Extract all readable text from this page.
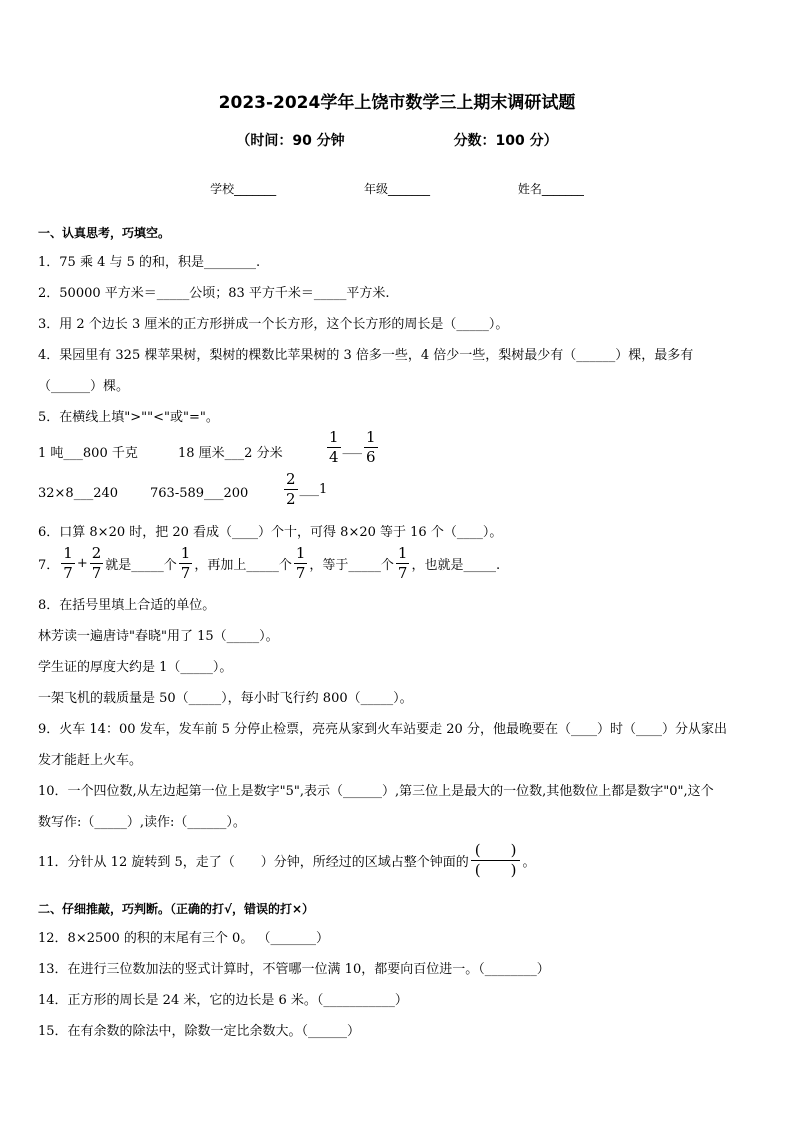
2023-2024学年上饶市数学三上期末调研试题
（时间：90 分钟	分数：100 分）
学校_______	年级_______	姓名_______
一、认真思考，巧填空。
1．75 乘 4 与 5 的和，积是________.
2．50000 平方米＝_____公顷；83 平方千米＝_____平方米.
3．用 2 个边长 3 厘米的正方形拼成一个长方形，这个长方形的周长是（_____）。
4．果园里有 325 棵苹果树，梨树的棵数比苹果树的 3 倍多一些，4 倍少一些，梨树最少有（______）棵，最多有
（______）棵。
5．在横线上填">""<"或"="。
1 吨___800 千克	18 厘米___2 分米	$\frac{1}{4}$ ___ $\frac{1}{6}$
32×8___240 763-589___200 $\frac{2}{2}$ ___1
6．口算 8×20 时，把 20 看成（____）个十，可得 8×20 等于 16 个（____）。
7． $\frac{1}{7} + \frac{2}{7}$ 就是_____个 $\frac{1}{7}$ ，再加上_____个 $\frac{1}{7}$ ，等于_____个 $\frac{1}{7}$ ，也就是_____.
8．在括号里填上合适的单位。
林芳读一遍唐诗"春晓"用了 15（_____）。
学生证的厚度大约是 1（_____）。
一架飞机的载质量是 50（_____），每小时飞行约 800（_____）。
9．火车 14：00 发车，发车前 5 分停止检票，亮亮从家到火车站要走 20 分，他最晚要在（____）时（____）分从家出
发才能赶上火车。
10．一个四位数,从左边起第一位上是数字"5",表示（______）,第三位上是最大的一位数,其他数位上都是数字"0",这个
数写作:（_____）,读作:（______）。
11．分针从 12 旋转到 5，走了（　　）分钟，所经过的区域占整个钟面的 $\frac{( )}{( )}$ 。
二、仔细推敲，巧判断。（正确的打√，错误的打×）
12．8×2500 的积的末尾有三个 0。 （_______）
13．在进行三位数加法的竖式计算时，不管哪一位满 10，都要向百位进一。（________）
14．正方形的周长是 24 米，它的边长是 6 米。（___________）
15．在有余数的除法中，除数一定比余数大。（______）
